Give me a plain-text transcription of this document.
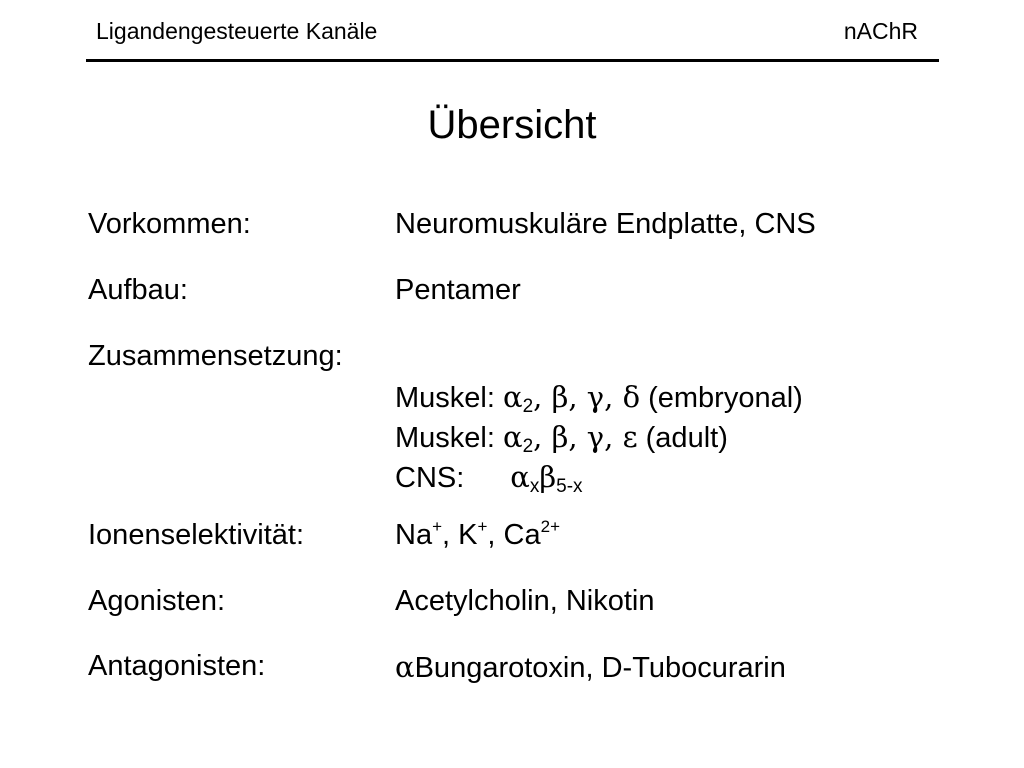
Ligandengesteuerte Kanäle	nAChR
Übersicht
Vorkommen:	Neuromuskuläre Endplatte, CNS
Aufbau:	Pentamer
Zusammensetzung:
Muskel: $\alpha_2$, β, γ, δ (embryonal)
Muskel: $\alpha_2$, β, γ, ε (adult)
CNS: $\alpha_x\beta_{5-x}$
Ionenselektivität:	Na+, K+, $Ca^{2+}$
Agonisten:	Acetylcholin, Nikotin
Antagonisten:	αBungarotoxin, D-Tubocurarin
